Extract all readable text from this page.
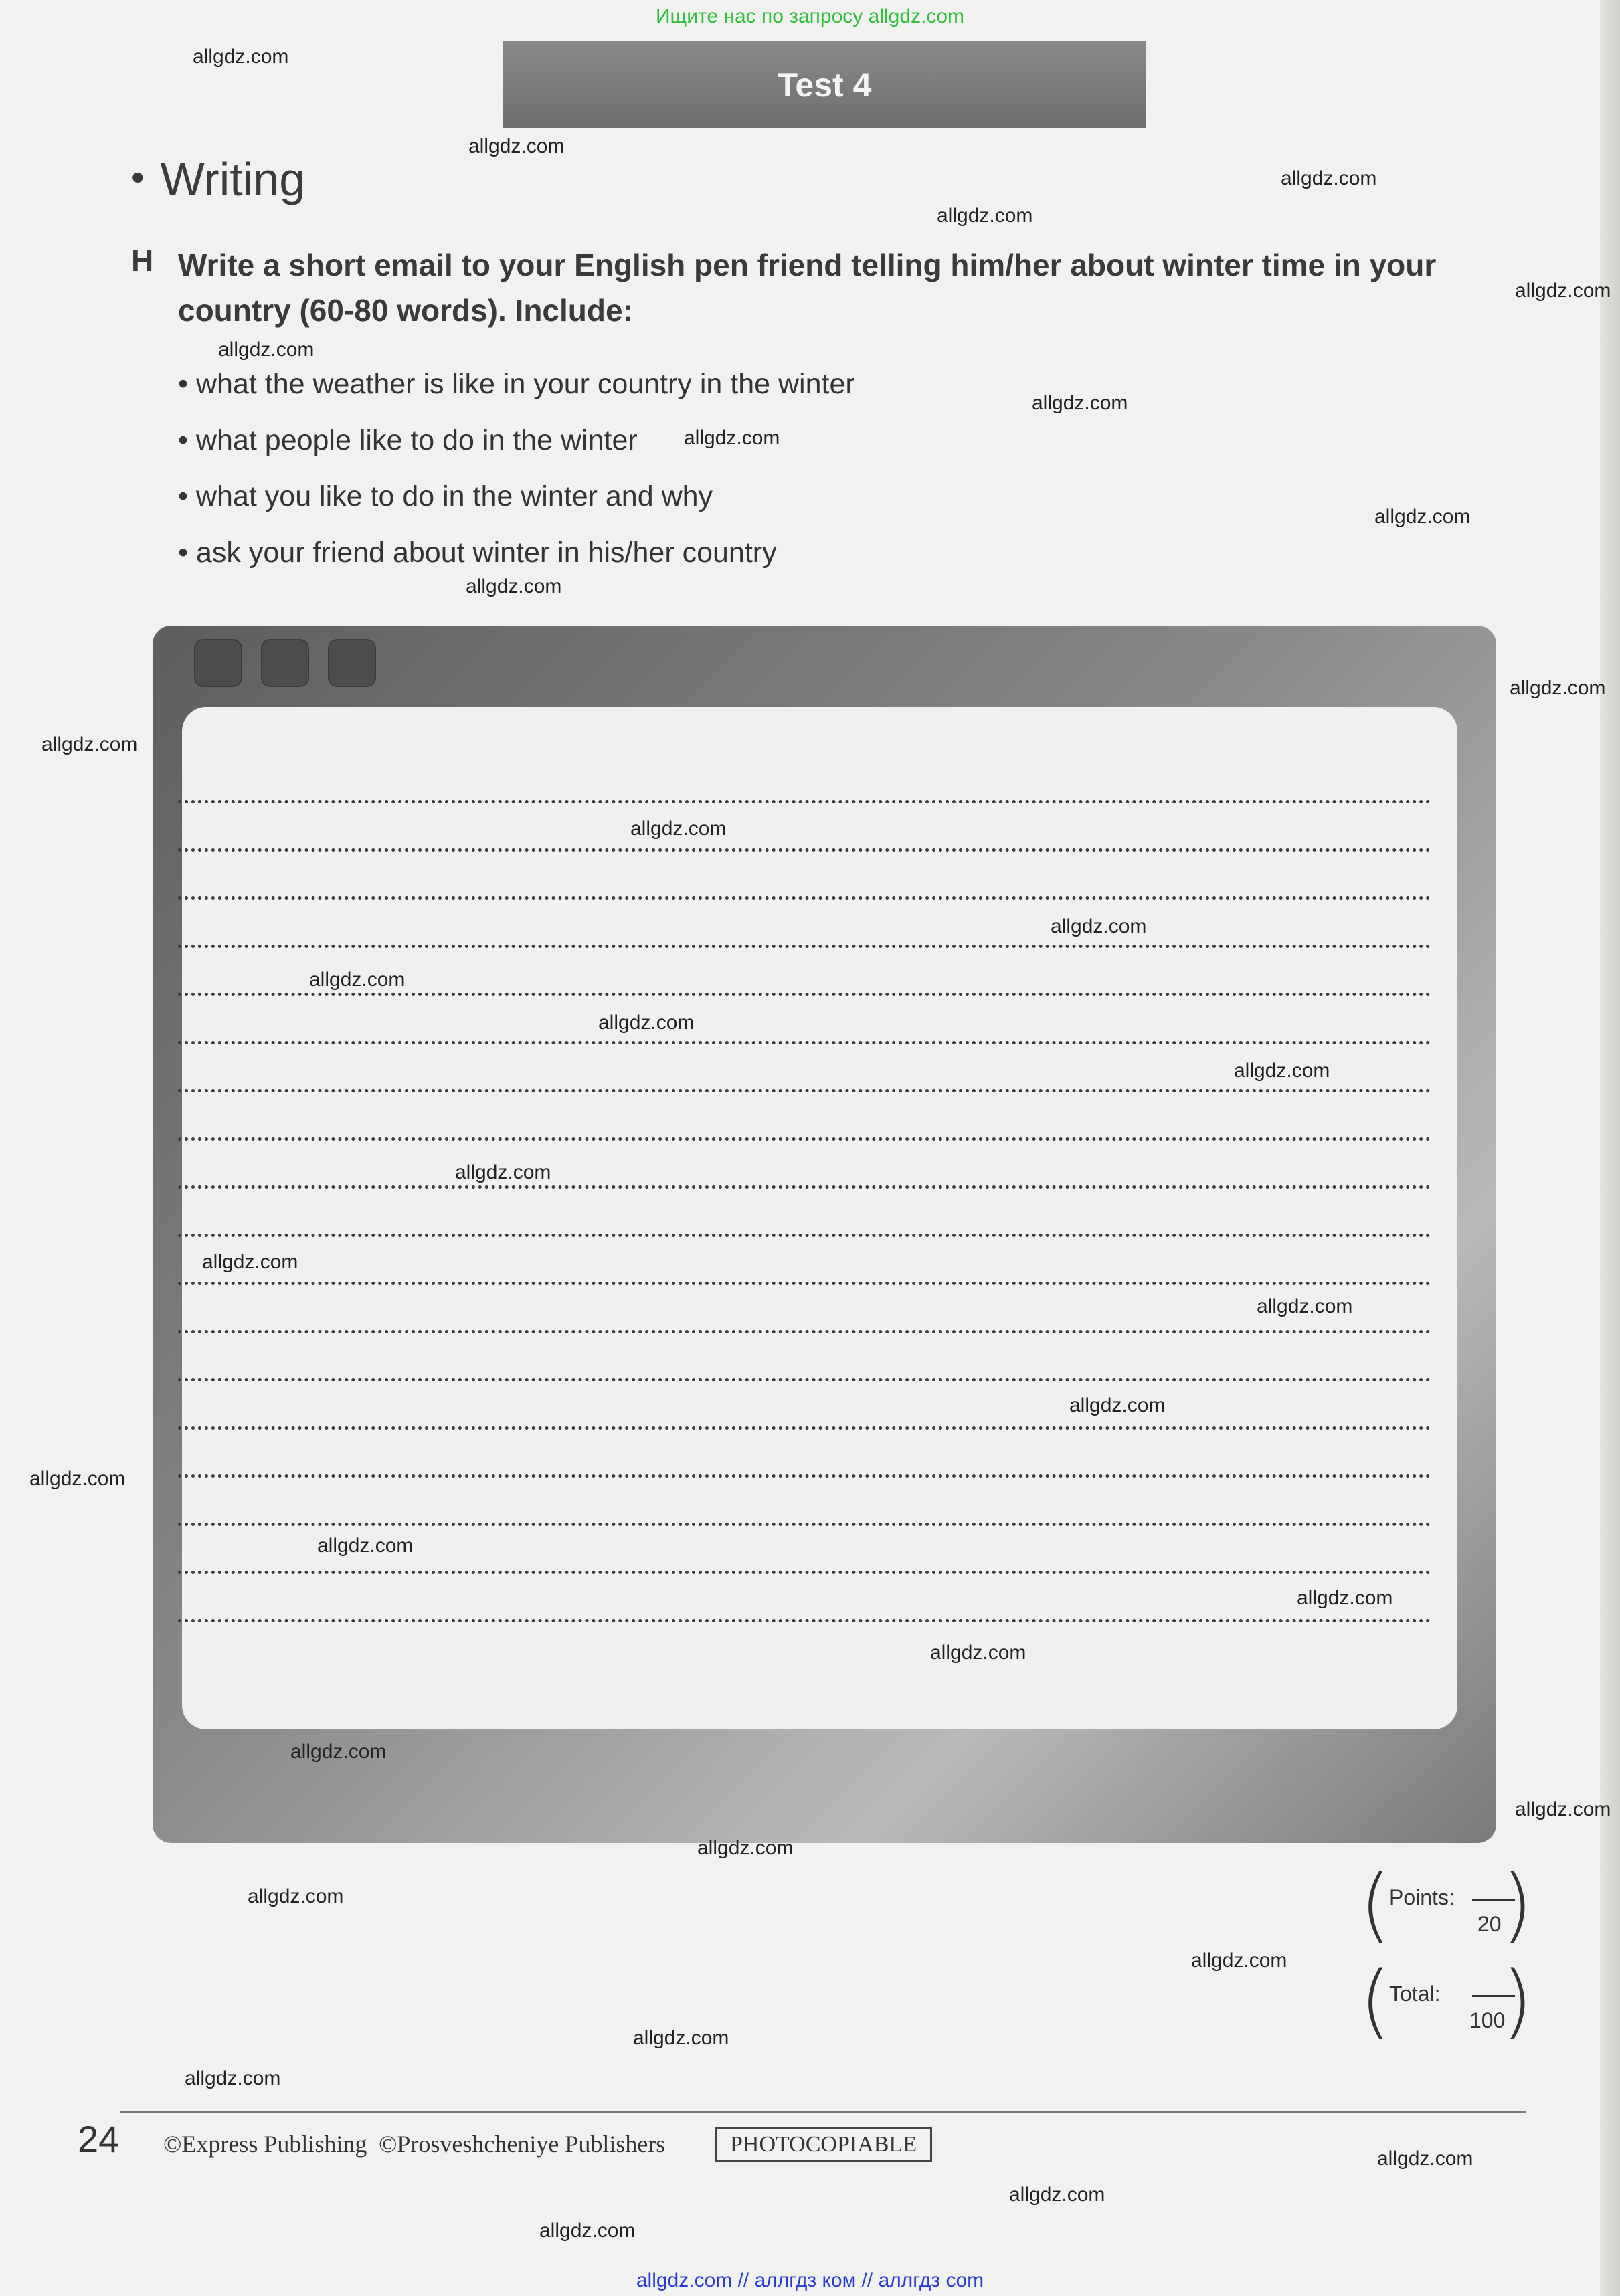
Ищите нас по запросу allgdz.com
Test 4
• Writing
H Write a short email to your English pen friend telling him/her about winter time in your country (60-80 words). Include:
• what the weather is like in your country in the winter
• what people like to do in the winter
• what you like to do in the winter and why
• ask your friend about winter in his/her country
(
Points:
20 )
(
Total:
100
)
24 ©Express Publishing ©Prosveshcheniye Publishers	PHOTOCOPIABLE
allgdz.com
allgdz.com
allgdz.com
allgdz.com
allgdz.com
allgdz.com
allgdz.com
allgdz.com
allgdz.com
allgdz.com
allgdz.com
allgdz.com
allgdz.com
allgdz.com
allgdz.com
allgdz.com
allgdz.com
allgdz.com
allgdz.com
allgdz.com
allgdz.com
allgdz.com
allgdz.com
allgdz.com
allgdz.com
allgdz.com
allgdz.com
allgdz.com
allgdz.com
allgdz.com
allgdz.com
allgdz.com
allgdz.com
allgdz.com
allgdz.com
allgdz.com // аллгдз ком // аллгдз com
